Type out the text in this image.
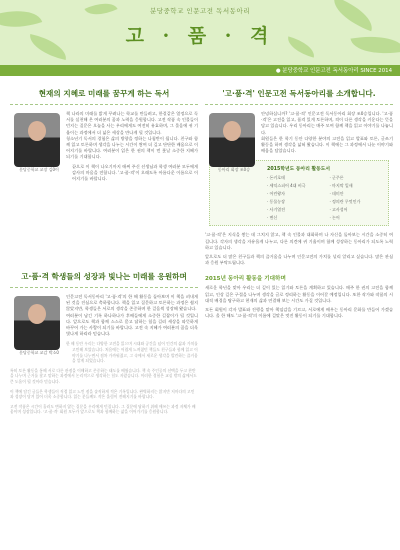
분당중학교 인문고전 독서동아리
고 · 품 · 격
● 분당중학교 인문고전 독서동아리 SINCE 2014
현재의 지혜로 미래를 꿈꾸게 하는 독서

책 나라의 미래를 밝게 꾸려나는 학교를 만들려고, 한결같은 열정으로 독서를 실천해 온 여러분의 꿈과 노력을 응원합니다. 고전 작품 속 인물들이 던지는 질문은 오늘을 사는 우리에게도 여전히 유효하며, 그 물음에 귀 기울이는 과정에서 더 넓은 세상을 만나게 될 것입니다.

분당중학교 교장 김0이

청소년기 독서의 경험은 삶의 방향을 정하는 나침반이 됩니다. 친구와 함께 읽고 토론하며 생각을 나누는 시간이 쌓여 더 깊고 단단한 배움으로 이어지기를 바랍니다. 여러분이 읽은 한 권의 책이 먼 훗날 소중한 지혜가 되기를 기대합니다.

끝으로 이 책이 나오기까지 애써 주신 선생님과 학생 여러분 모두에게 감사의 마음을 전합니다. '고·품·격'이 오래도록 아름다운 이름으로 이어지기를 바랍니다.

고·품·격 학생들의 성장과 빛나는 미래를 응원하며

인문고전 독서동아리 '고·품·격'의 한 해 활동을 돌아보며 이 책을 펴내게 된 것을 진심으로 축하합니다. 책을 읽고 질문하고 토론하는 과정은 쉽지 않았지만, 학생들은 서로의 생각을 존중하며 한 걸음씩 성장해 왔습니다.

분당중학교 교감 박소0

여러분이 남긴 기록 하나하나가 후배들에게 소중한 길잡이가 될 것입니다. 앞으로도 책과 함께 스스로 묻고 답하는 힘을 길러 세상을 따뜻하게 바꾸어 가는 사람이 되기를 바랍니다. 고전 속 지혜가 여러분의 꿈을 더욱 빛나게 하리라 믿습니다.

한 해 동안 우리는 다양한 고전을 읽으며 시대와 공간을 넘어 인간의 삶과 가치를 고민해 보았습니다. 처음에는 어렵게 느껴졌던 책들도 친구들과 함께 읽고 이야기를 나누면서 점차 가까워졌고, 그 속에서 새로운 생각을 발견하는 즐거움을 알게 되었습니다.

특히 토론 활동을 통해 서로 다른 관점을 이해하고 존중하는 태도를 배웠습니다. 책 속 주인공의 선택을 두고 찬반을 나누며 근거를 찾고 말하는 과정에서 논리적으로 생각하는 힘도 자랐습니다. 이러한 경험은 교실 밖의 삶에서도 큰 도움이 될 것이라 믿습니다.

이 책에 담긴 글들은 학생들이 직접 읽고 느낀 점을 솔직하게 적은 기록입니다. 완벽하지는 않지만 저마다의 고민과 성장이 담겨 있어 더욱 소중합니다. 읽는 분들께도 작은 울림이 전해지기를 바랍니다.

고전 작품은 시간이 흘러도 변하지 않는 질문을 우리에게 던집니다. 그 질문에 답하기 위해 애쓰는 과정 자체가 배움이며 성장입니다. '고·품·격' 회원 모두가 앞으로도 책과 함께하는 삶을 이어가기를 응원합니다.

'고·품·격' 인문고전 독서동아리를 소개합니다.

안녕하십니까? '고·품·격' 인문고전 독서동아리 회장 조0승입니다. '고·품·격'은 고전을 읽고, 품격 있게 토론하며, 격이 다른 생각을 키운다는 뜻을 담고 있습니다. 우리 동아리는 매주 모여 함께 책을 읽고 이야기를 나눕니다.

동아리 회장 조0승

회원들은 한 학기 동안 다양한 분야의 고전을 읽고 발표와 토론, 글쓰기 활동을 하며 생각을 넓혀 왔습니다. 이 책에는 그 과정에서 나눈 이야기와 배움을 담았습니다.

2015학년도 동아리 활동도서
· 돈키호테	· 군주론
· 셰익스피어 4대 비극	· 마지막 잎새
· 어린왕자	· 데미안
· 동물농장	· 정의란 무엇인가
· 사기열전	· 고사성어
· 변신	· 논어

'고·품·격'은 지식을 쌓는 데 그치지 않고, 책 속 인물과 대화하며 나 자신을 돌아보는 시간을 소중히 여깁니다. 각자의 생각을 자유롭게 나누고, 다른 의견에 귀 기울이며 함께 성장하는 동아리가 되도록 노력하고 있습니다.

앞으로도 더 많은 친구들과 책의 즐거움을 나누며 인문고전의 가치를 널리 알리고 싶습니다. 많은 관심과 응원 부탁드립니다.

2015년 동아리 활동을 기대하며

새로운 학년을 맞아 우리는 더 깊이 있는 읽기와 토론을 계획하고 있습니다. 매주 한 권의 고전을 함께 읽고, 인상 깊은 구절을 나누며 생각을 글로 정리하는 활동을 이어갈 예정입니다. 또한 작가와 작품의 시대적 배경을 탐구하고 현재의 삶과 연결해 보는 시간도 가질 것입니다.

모든 회원이 각자 발표와 진행을 맡아 책임감을 기르고, 서로에게 배우는 동아리 문화를 만들어 가겠습니다. 올 한 해도 '고·품·격'의 이름에 걸맞은 멋진 활동이 되기를 기대합니다.
